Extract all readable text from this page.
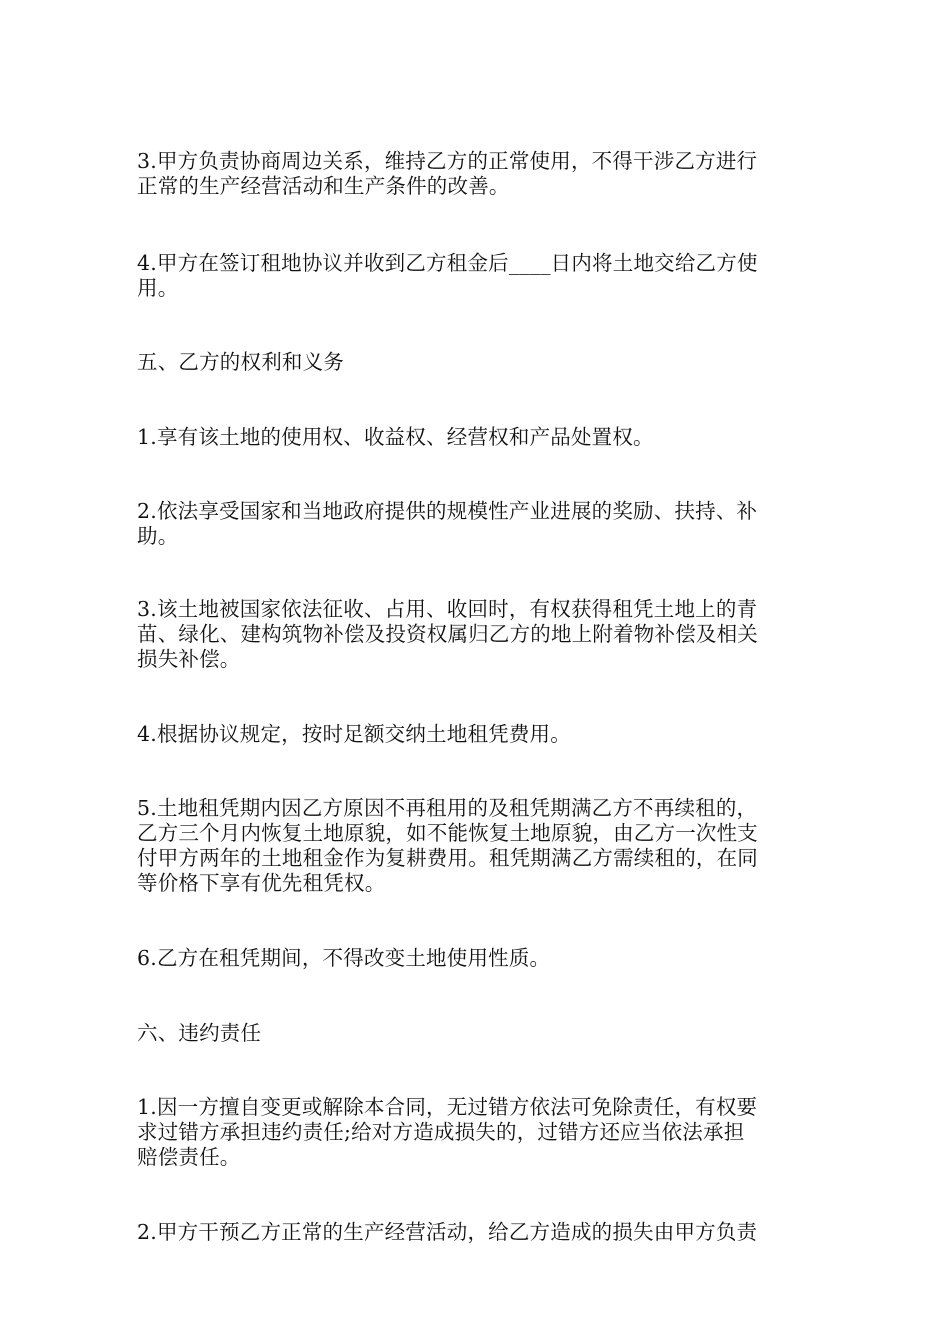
3.甲方负责协商周边关系，维持乙方的正常使用，不得干涉乙方进行
正常的生产经营活动和生产条件的改善。

4.甲方在签订租地协议并收到乙方租金后____日内将土地交给乙方使
用。

五、乙方的权利和义务

1.享有该土地的使用权、收益权、经营权和产品处置权。

2.依法享受国家和当地政府提供的规模性产业进展的奖励、扶持、补
助。

3.该土地被国家依法征收、占用、收回时，有权获得租凭土地上的青
苗、绿化、建构筑物补偿及投资权属归乙方的地上附着物补偿及相关
损失补偿。

4.根据协议规定，按时足额交纳土地租凭费用。

5.土地租凭期内因乙方原因不再租用的及租凭期满乙方不再续租的，
乙方三个月内恢复土地原貌，如不能恢复土地原貌，由乙方一次性支
付甲方两年的土地租金作为复耕费用。租凭期满乙方需续租的，在同
等价格下享有优先租凭权。

6.乙方在租凭期间，不得改变土地使用性质。

六、违约责任

1.因一方擅自变更或解除本合同，无过错方依法可免除责任，有权要
求过错方承担违约责任;给对方造成损失的，过错方还应当依法承担
赔偿责任。

2.甲方干预乙方正常的生产经营活动，给乙方造成的损失由甲方负责
